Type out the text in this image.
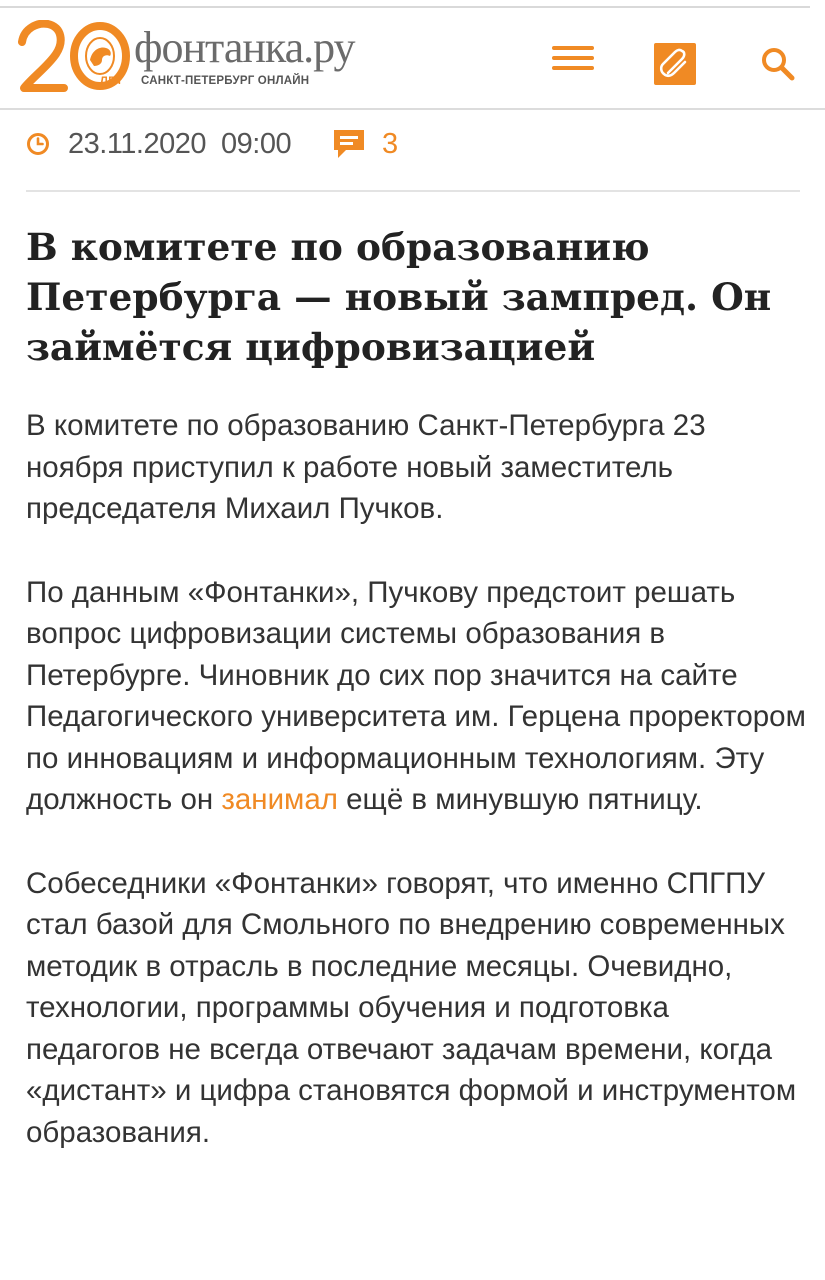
ЛЕТ
фонтанка.ру
САНКТ-ПЕТЕРБУРГ ОНЛАЙН
23.11.2020 09:00	3
В комитете по образованию Петербурга — новый зампред. Он займётся цифровизацией

В комитете по образованию Санкт-Петербурга 23 ноября приступил к работе новый заместитель председателя Михаил Пучков.

По данным «Фонтанки», Пучкову предстоит решать вопрос цифровизации системы образования в Петербурге. Чиновник до сих пор значится на сайте Педагогического университета им. Герцена проректором по инновациям и информационным технологиям. Эту должность он занимал ещё в минувшую пятницу.

Собеседники «Фонтанки» говорят, что именно СПГПУ стал базой для Смольного по внедрению современных методик в отрасль в последние месяцы. Очевидно, технологии, программы обучения и подготовка педагогов не всегда отвечают задачам времени, когда «дистант» и цифра становятся формой и инструментом образования.
